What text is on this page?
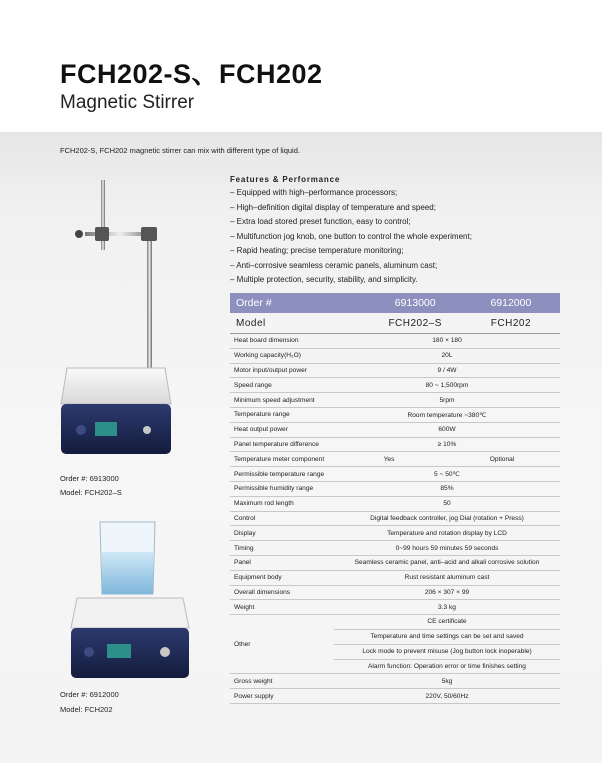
FCH202-S、FCH202
Magnetic Stirrer
FCH202-S, FCH202 magnetic stirrer can mix with different type of liquid.
Order #: 6913000
Model: FCH202–S
Order #: 6912000
Model: FCH202
Features & Performance
– Equipped with high–performance processors;
– High–definition digital display of temperature and speed;
– Extra load stored preset function, easy to control;
– Multifunction jog knob, one button to control the whole experiment;
– Rapid heating; precise temperature monitoring;
– Anti–corrosive seamless ceramic panels, aluminum cast;
– Multiple protection, security, stability, and simplicity.
Order #	6913000	6912000
Model	FCH202–S	FCH202
Heat board dimension	180 × 180
Working capacity(H₂O)	20L
Motor input/output power	9 / 4W
Speed range	80 ~ 1,500rpm
Minimum speed adjustment	5rpm
Temperature range	Room temperature ~380℃
Heat output power	600W
Panel temperature difference	≥ 10%
Temperature meter component	Yes	Optional
Permissible temperature range	5 ~ 50℃
Permissible humidity range	85%
Maximum rod length	50
Control	Digital feedback controller, jog Dial (rotation + Press)
Display	Temperature and rotation display by LCD
Timing	0~99 hours 59 minutes 59 seconds
Panel	Seamless ceramic panel, anti–acid and alkali corrosive solution
Equipment body	Rust resistant aluminum cast
Overall dimensions	206 × 307 × 99
Weight	3.3 kg
Other
CE certificate
Temperature and time settings can be set and saved
Lock mode to prevent misuse (Jog button lock inoperable)
Alarm function: Operation error or time finishes setting
Gross weight	5kg
Power supply	220V, 50/60Hz
